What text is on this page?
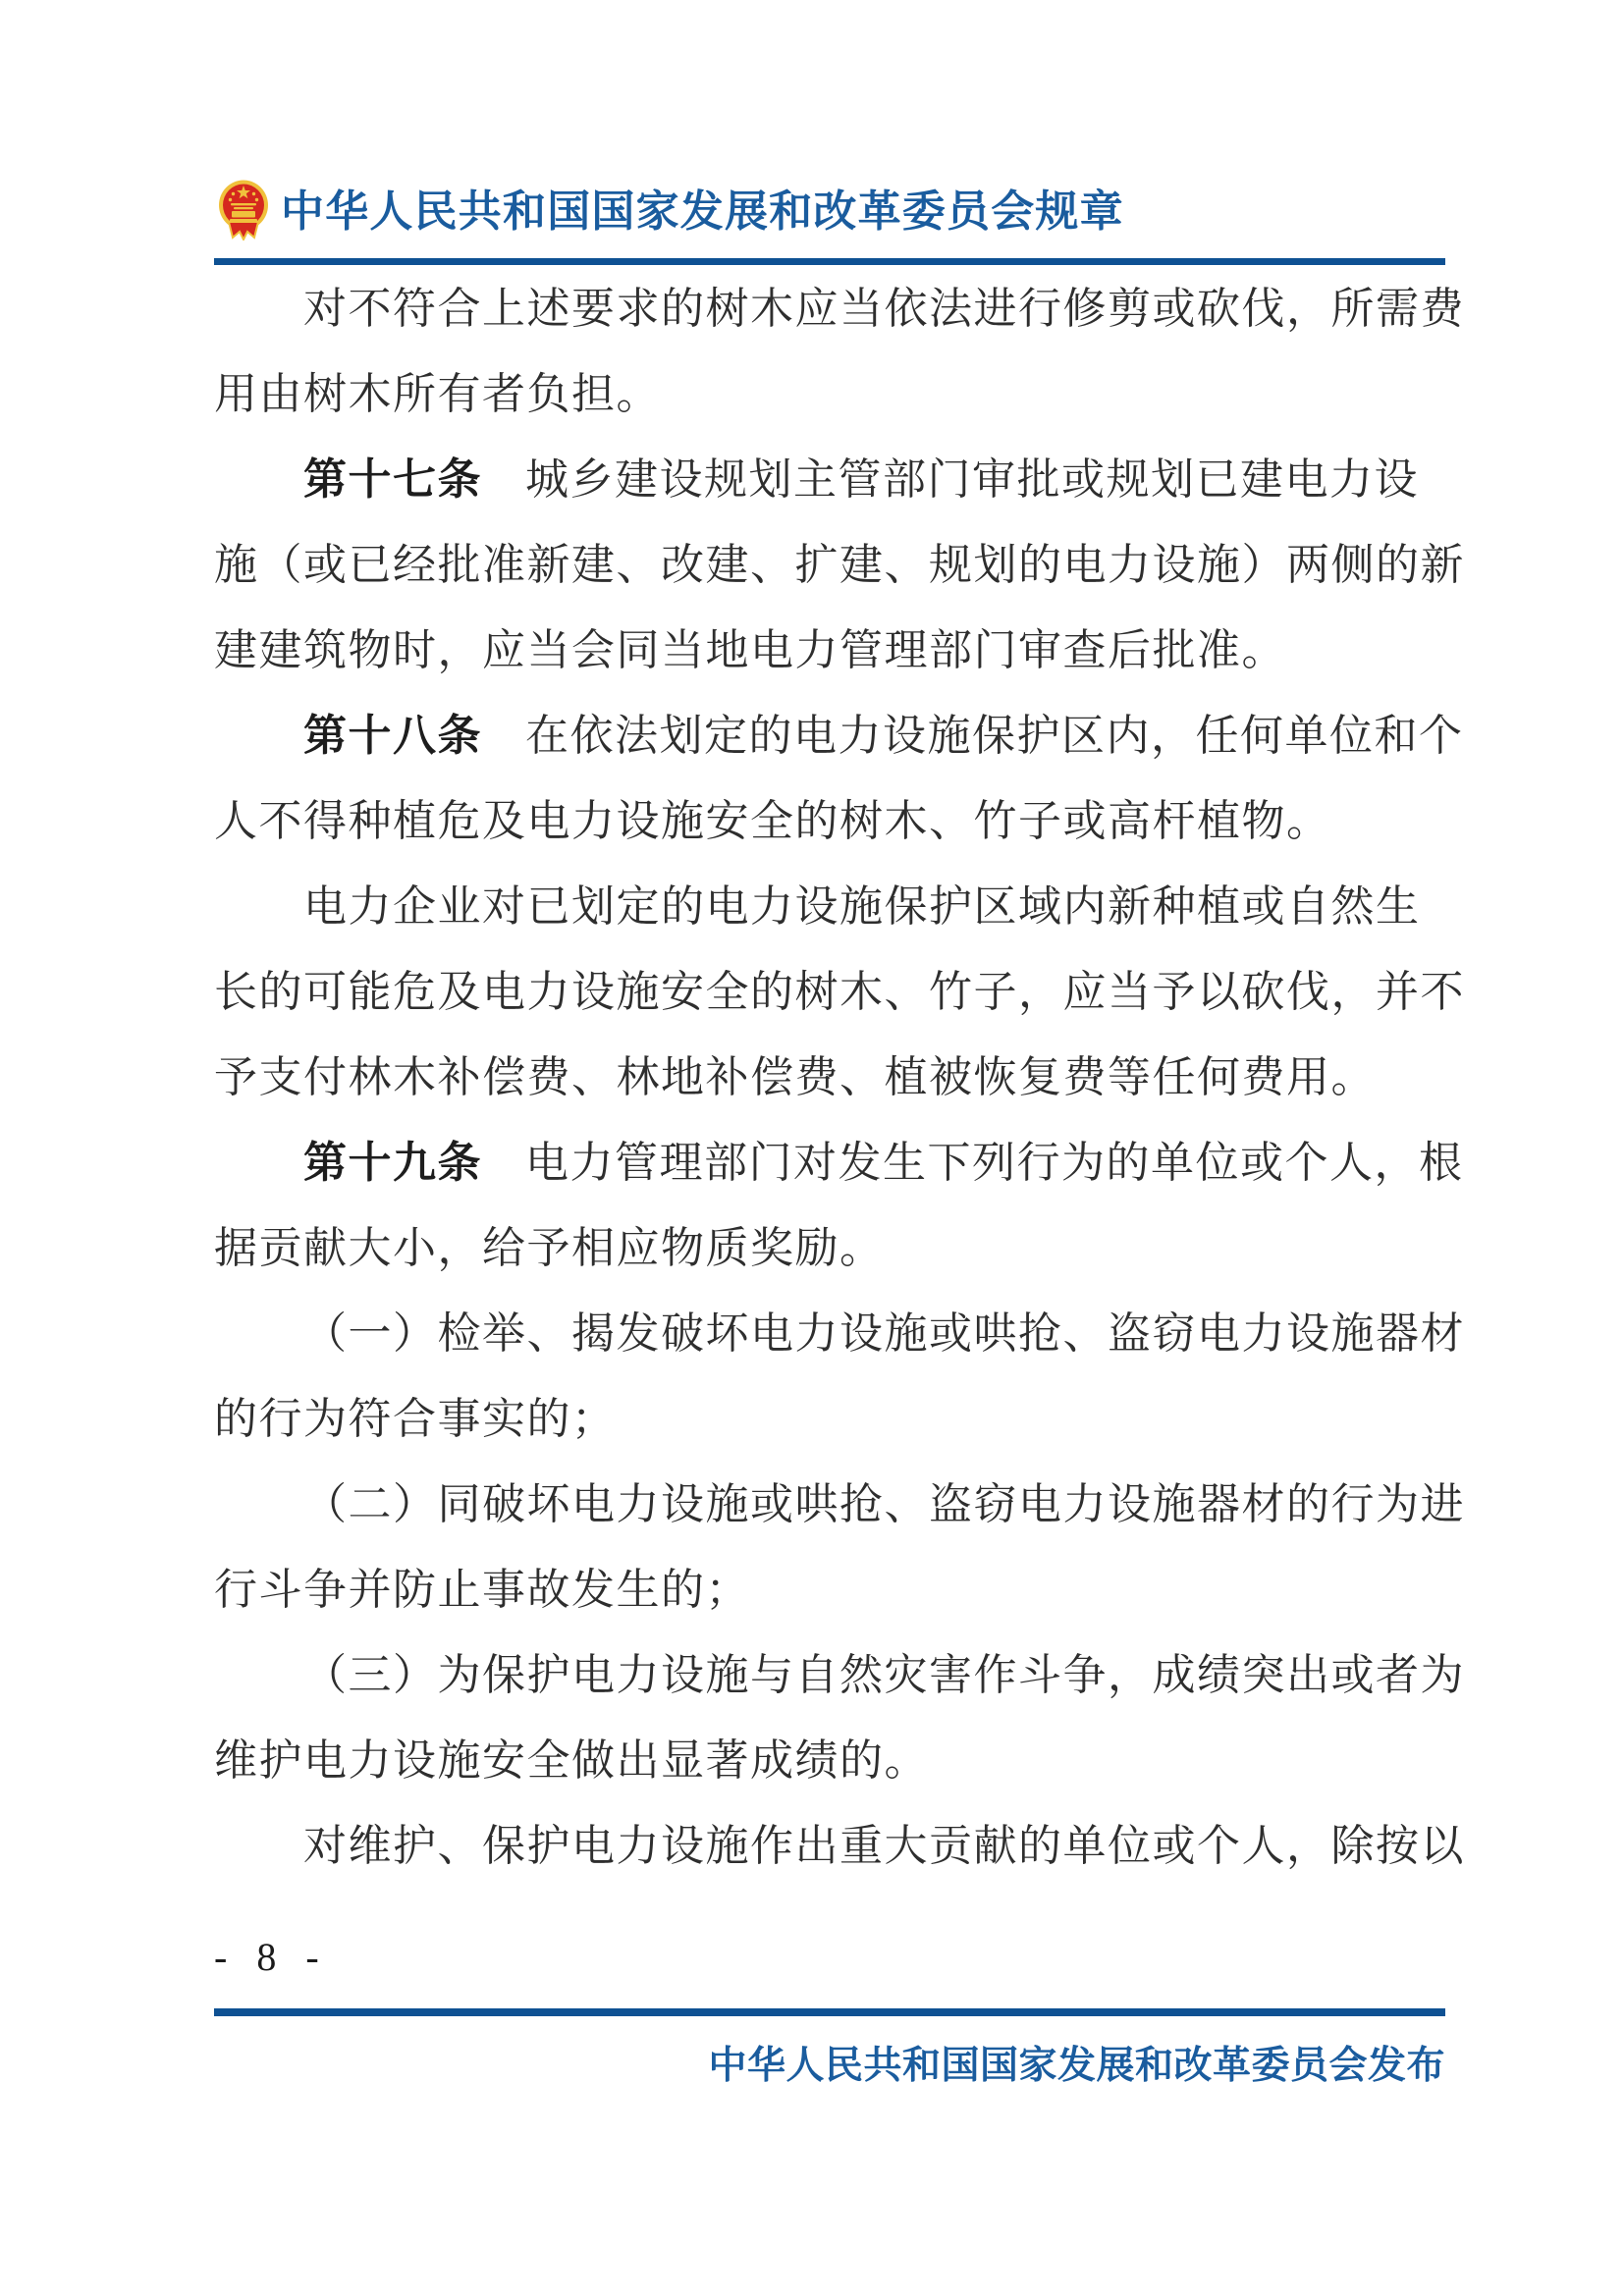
中华人民共和国国家发展和改革委员会规章
对不符合上述要求的树木应当依法进行修剪或砍伐，所需费
用由树木所有者负担。
第十七条 城乡建设规划主管部门审批或规划已建电力设
施（或已经批准新建、改建、扩建、规划的电力设施）两侧的新
建建筑物时，应当会同当地电力管理部门审查后批准。
第十八条 在依法划定的电力设施保护区内，任何单位和个
人不得种植危及电力设施安全的树木、竹子或高杆植物。
电力企业对已划定的电力设施保护区域内新种植或自然生
长的可能危及电力设施安全的树木、竹子，应当予以砍伐，并不
予支付林木补偿费、林地补偿费、植被恢复费等任何费用。
第十九条 电力管理部门对发生下列行为的单位或个人，根
据贡献大小，给予相应物质奖励。
（一）检举、揭发破坏电力设施或哄抢、盗窃电力设施器材
的行为符合事实的；
（二）同破坏电力设施或哄抢、盗窃电力设施器材的行为进
行斗争并防止事故发生的；
（三）为保护电力设施与自然灾害作斗争，成绩突出或者为
维护电力设施安全做出显著成绩的。
对维护、保护电力设施作出重大贡献的单位或个人，除按以
- 8 -
中华人民共和国国家发展和改革委员会发布
